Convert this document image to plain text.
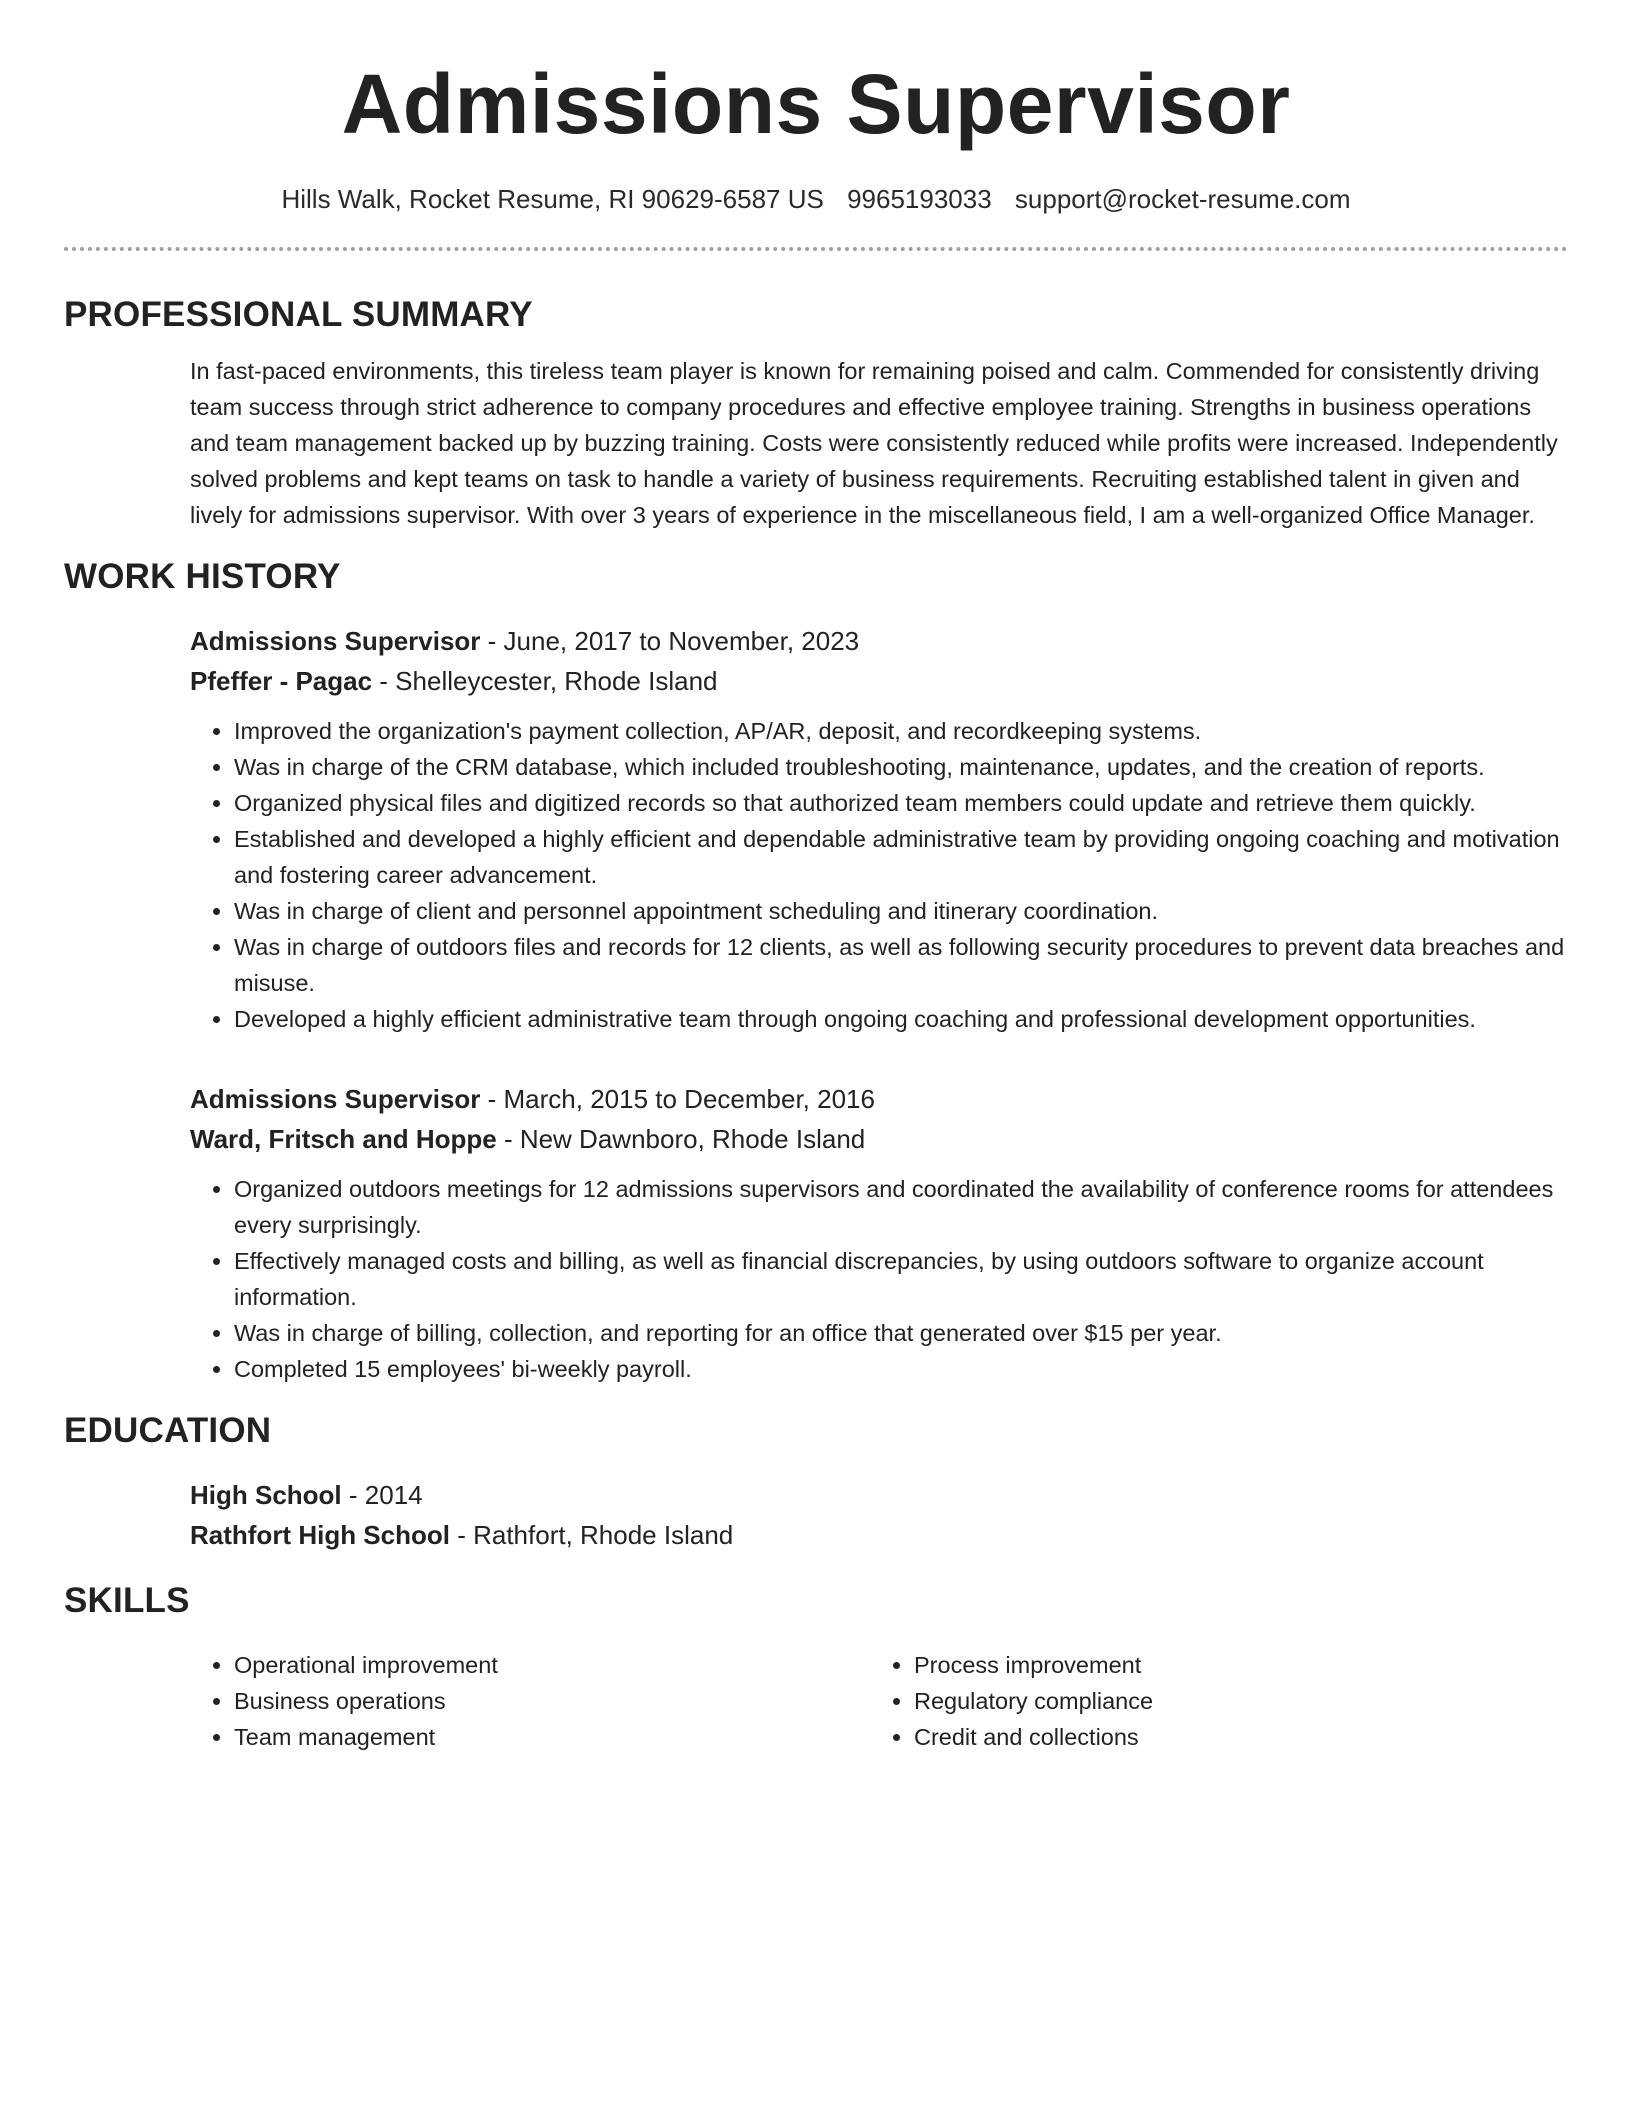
Admissions Supervisor
Hills Walk, Rocket Resume, RI 90629-6587 US 9965193033 support@rocket-resume.com
PROFESSIONAL SUMMARY
In fast-paced environments, this tireless team player is known for remaining poised and calm. Commended for consistently driving team success through strict adherence to company procedures and effective employee training. Strengths in business operations and team management backed up by buzzing training. Costs were consistently reduced while profits were increased. Independently solved problems and kept teams on task to handle a variety of business requirements. Recruiting established talent in given and lively for admissions supervisor. With over 3 years of experience in the miscellaneous field, I am a well-organized Office Manager.
WORK HISTORY
Admissions Supervisor - June, 2017 to November, 2023
Pfeffer - Pagac - Shelleycester, Rhode Island
• Improved the organization's payment collection, AP/AR, deposit, and recordkeeping systems.
• Was in charge of the CRM database, which included troubleshooting, maintenance, updates, and the creation of reports.
• Organized physical files and digitized records so that authorized team members could update and retrieve them quickly.
• Established and developed a highly efficient and dependable administrative team by providing ongoing coaching and motivation and fostering career advancement.
• Was in charge of client and personnel appointment scheduling and itinerary coordination.
• Was in charge of outdoors files and records for 12 clients, as well as following security procedures to prevent data breaches and misuse.
• Developed a highly efficient administrative team through ongoing coaching and professional development opportunities.
Admissions Supervisor - March, 2015 to December, 2016
Ward, Fritsch and Hoppe - New Dawnboro, Rhode Island
• Organized outdoors meetings for 12 admissions supervisors and coordinated the availability of conference rooms for attendees every surprisingly.
• Effectively managed costs and billing, as well as financial discrepancies, by using outdoors software to organize account information.
• Was in charge of billing, collection, and reporting for an office that generated over $15 per year.
• Completed 15 employees' bi-weekly payroll.
EDUCATION
High School - 2014
Rathfort High School - Rathfort, Rhode Island
SKILLS
• Operational improvement
• Business operations
• Team management
• Process improvement
• Regulatory compliance
• Credit and collections
